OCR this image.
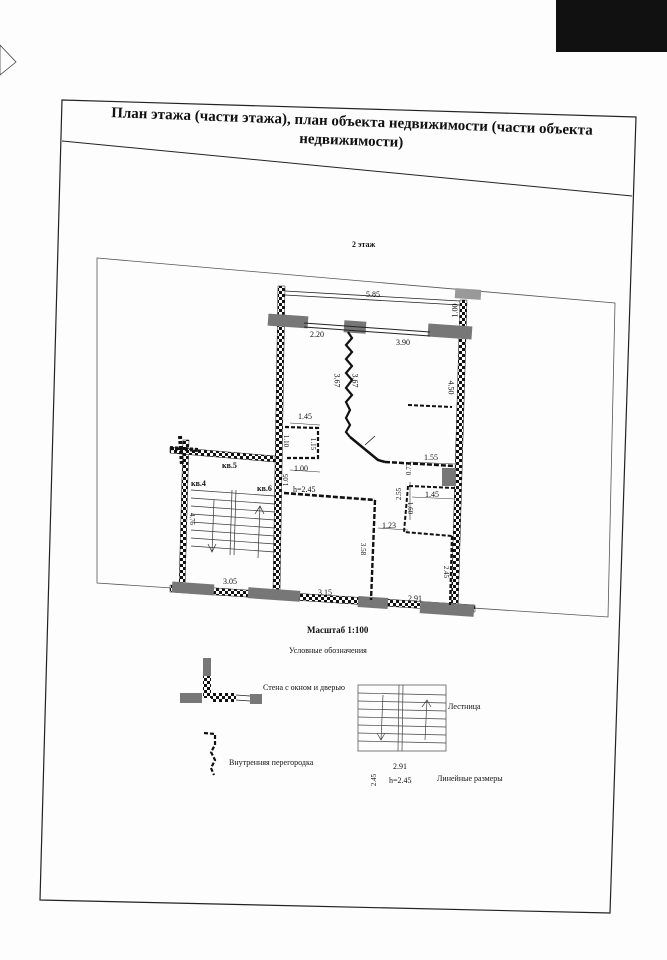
План этажа (части этажа), план объекта недвижимости (части объекта недвижимости)
2 этаж
Масштаб 1:100
Условные обозначения
5.85
2.20
3.90
1.00
3.67 3.67	4.50
1.45
1.10	1.15
1.55
0.73
1.00
1.05
h=2.45	2.55	1.45
1.60
1.23
4.75
3.58
2.45
3.05
3.15
2.91
кв.5
кв.4
кв.6
Стена с окном и дверью
Лестница
Внутренняя перегородка	2.91
Линейные размеры
2.45 h=2.45
